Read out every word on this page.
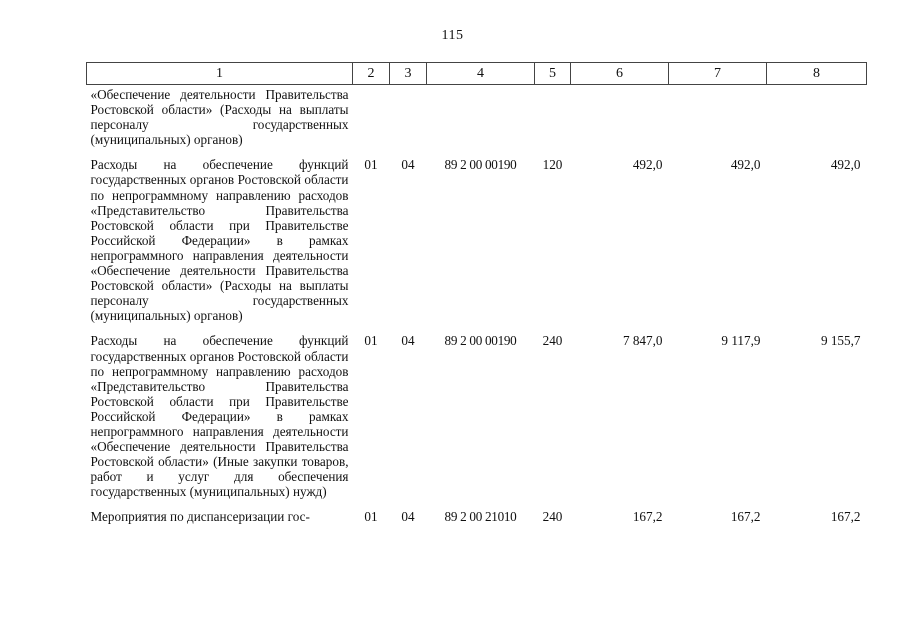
115
1	2	3	4	5	6	7	8
«Обеспечение деятельности Правительства Ростовской области» (Расходы на выплаты персоналу государственных (муниципальных) органов)							
Расходы на обеспечение функций государственных органов Ростовской области по непрограммному направлению расходов «Представительство Правительства Ростовской области при Правительстве Российской Федерации» в рамках непрограммного направления деятельности «Обеспечение деятельности Правительства Ростовской области» (Расходы на выплаты персоналу государственных (муниципальных) органов)	01	04	89 2 00 00190	120	492,0	492,0	492,0
Расходы на обеспечение функций государственных органов Ростовской области по непрограммному направлению расходов «Представительство Правительства Ростовской области при Правительстве Российской Федерации» в рамках непрограммного направления деятельности «Обеспечение деятельности Правительства Ростовской области» (Иные закупки товаров, работ и услуг для обеспечения государственных (муниципальных) нужд)	01	04	89 2 00 00190	240	7 847,0	9 117,9	9 155,7
Мероприятия по диспансеризации гос-	01	04	89 2 00 21010	240	167,2	167,2	167,2
